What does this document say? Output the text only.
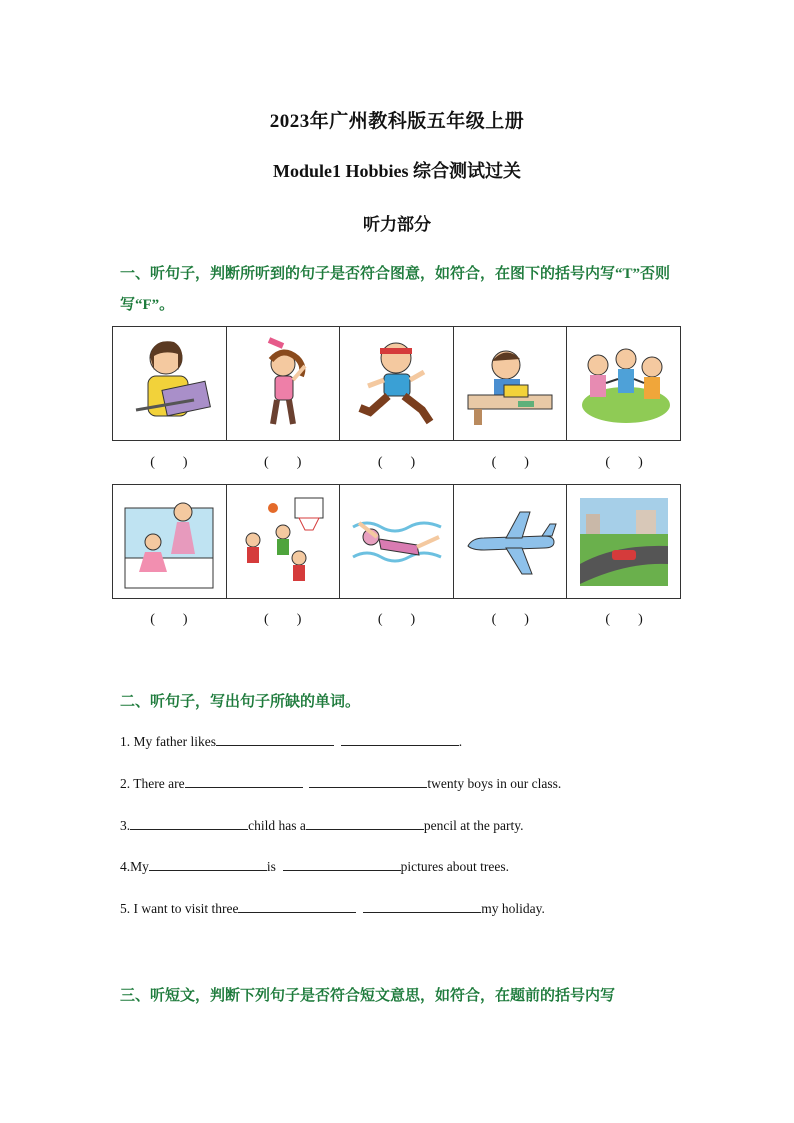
2023年广州教科版五年级上册
Module1 Hobbies 综合测试过关
听力部分
一、听句子，判断所听到的句子是否符合图意，如符合，在图下的括号内写“T”否则写“F”。

(　　)	(　　)	(　　)	(　　)	(　　)

(　　)	(　　)	(　　)	(　　)	(　　)
二、听句子，写出句子所缺的单词。
1. My father likes	.
2. There are	twenty boys in our class.
3.	child has a	pencil at the party.
4.My	is	pictures about trees.
5. I want to visit three	my holiday.
三、听短文，判断下列句子是否符合短文意思，如符合，在题前的括号内写
